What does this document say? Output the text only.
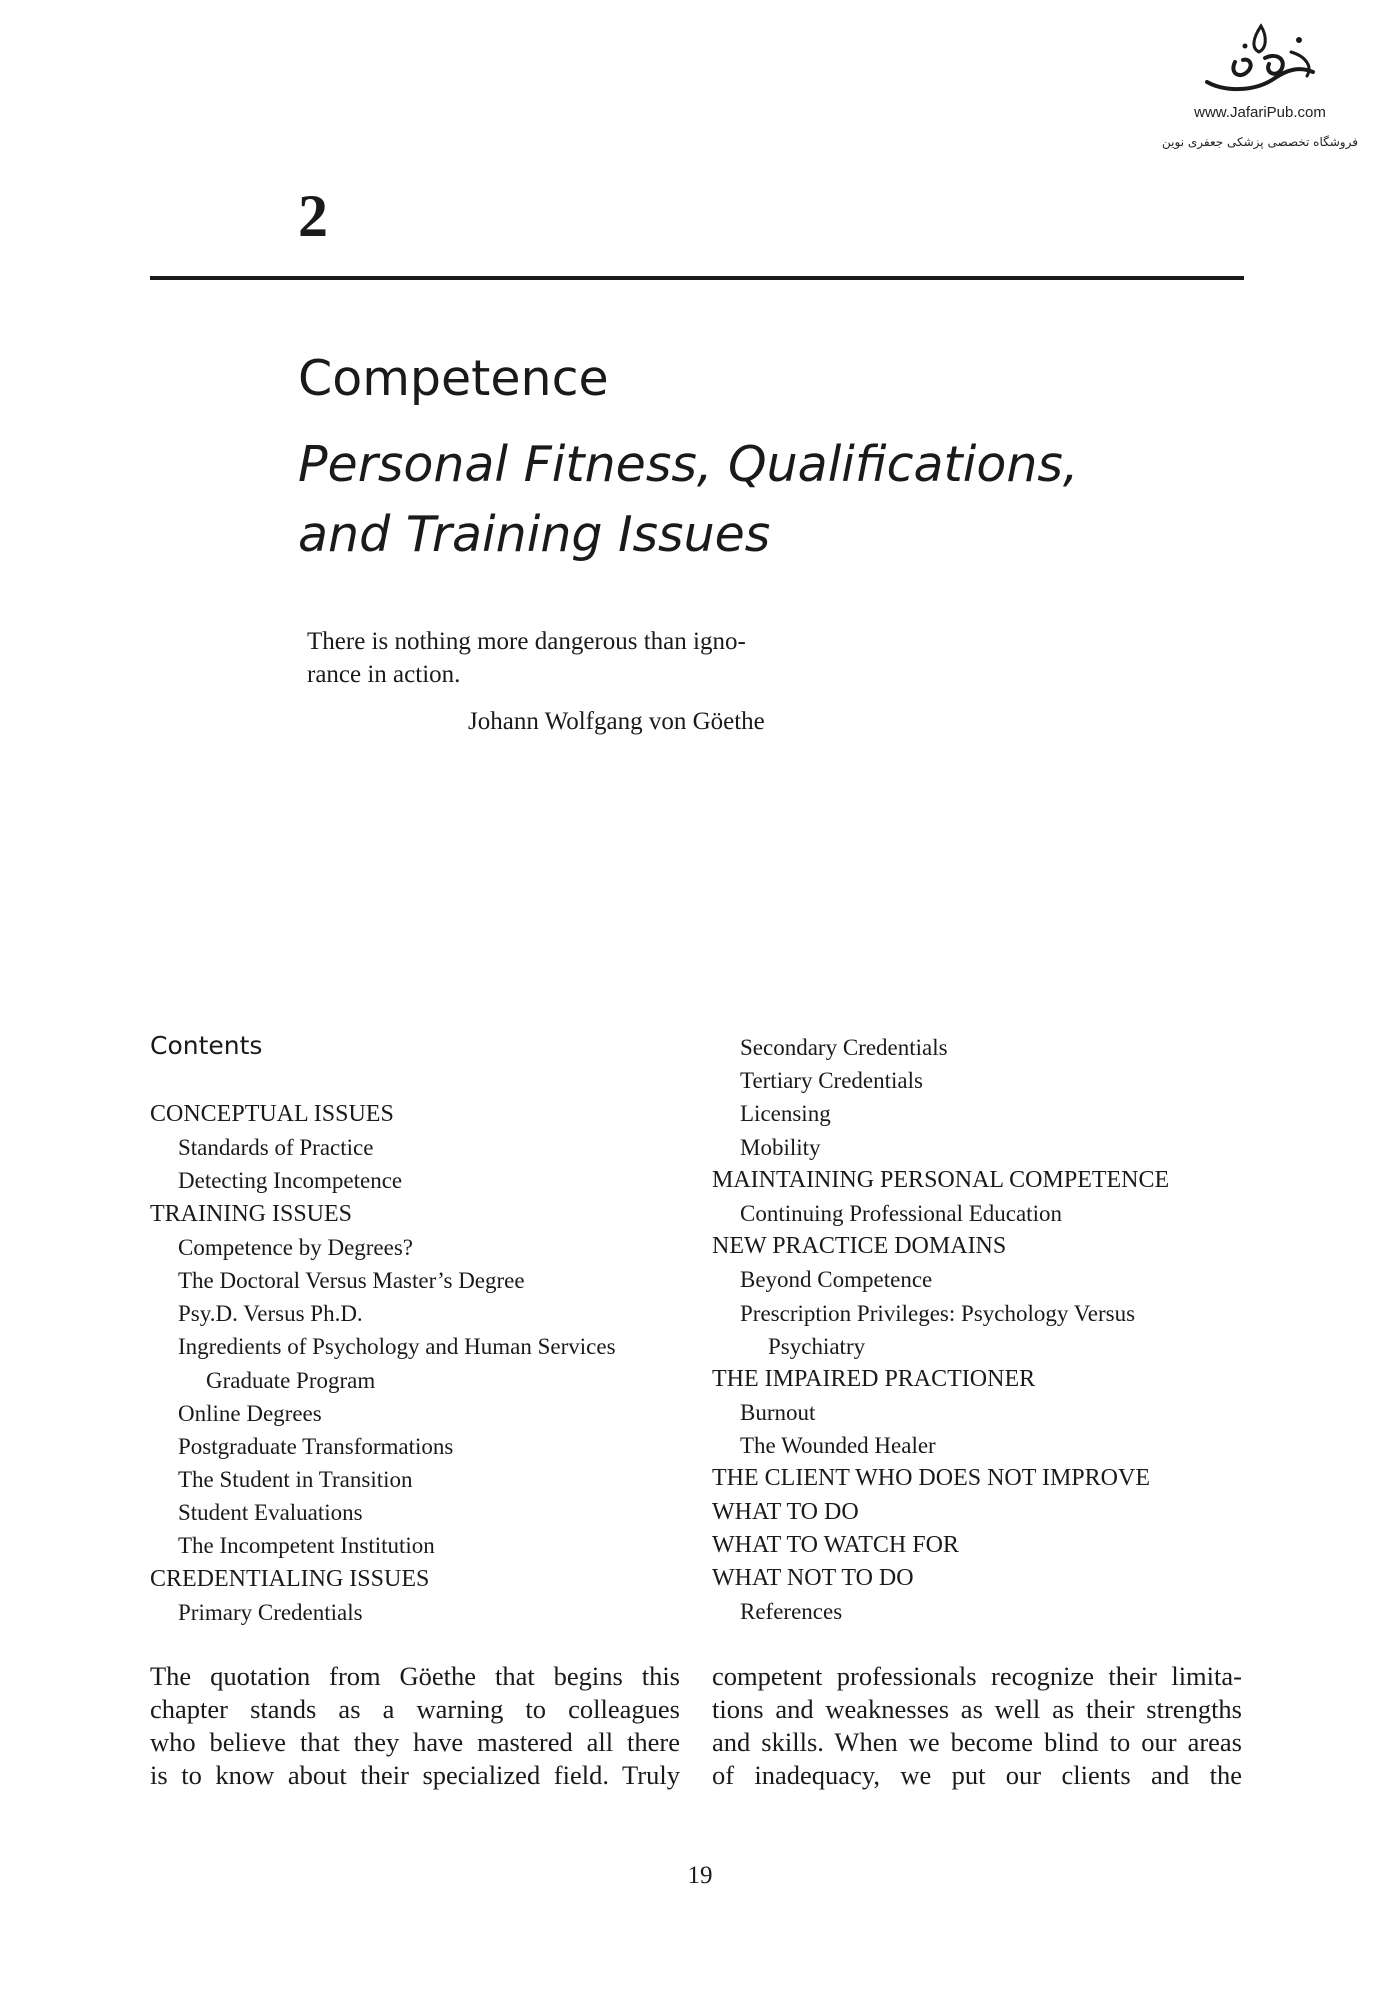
www.JafariPub.com
فروشگاه تخصصی پزشکی جعفری نوین
2
Competence
Personal Fitness, Qualifications,
and Training Issues
There is nothing more dangerous than igno-
rance in action.
Johann Wolfgang von Göethe
Contents
CONCEPTUAL ISSUES
Standards of Practice
Detecting Incompetence
TRAINING ISSUES
Competence by Degrees?
The Doctoral Versus Master’s Degree
Psy.D. Versus Ph.D.
Ingredients of Psychology and Human Services
Graduate Program
Online Degrees
Postgraduate Transformations
The Student in Transition
Student Evaluations
The Incompetent Institution
CREDENTIALING ISSUES
Primary Credentials
Secondary Credentials
Tertiary Credentials
Licensing
Mobility
MAINTAINING PERSONAL COMPETENCE
Continuing Professional Education
NEW PRACTICE DOMAINS
Beyond Competence
Prescription Privileges: Psychology Versus
Psychiatry
THE IMPAIRED PRACTIONER
Burnout
The Wounded Healer
THE CLIENT WHO DOES NOT IMPROVE
WHAT TO DO
WHAT TO WATCH FOR
WHAT NOT TO DO
References
The quotation from Göethe that begins this
chapter stands as a warning to colleagues
who believe that they have mastered all there
is to know about their specialized field. Truly
competent professionals recognize their limita-
tions and weaknesses as well as their strengths
and skills. When we become blind to our areas
of inadequacy, we put our clients and the
19
